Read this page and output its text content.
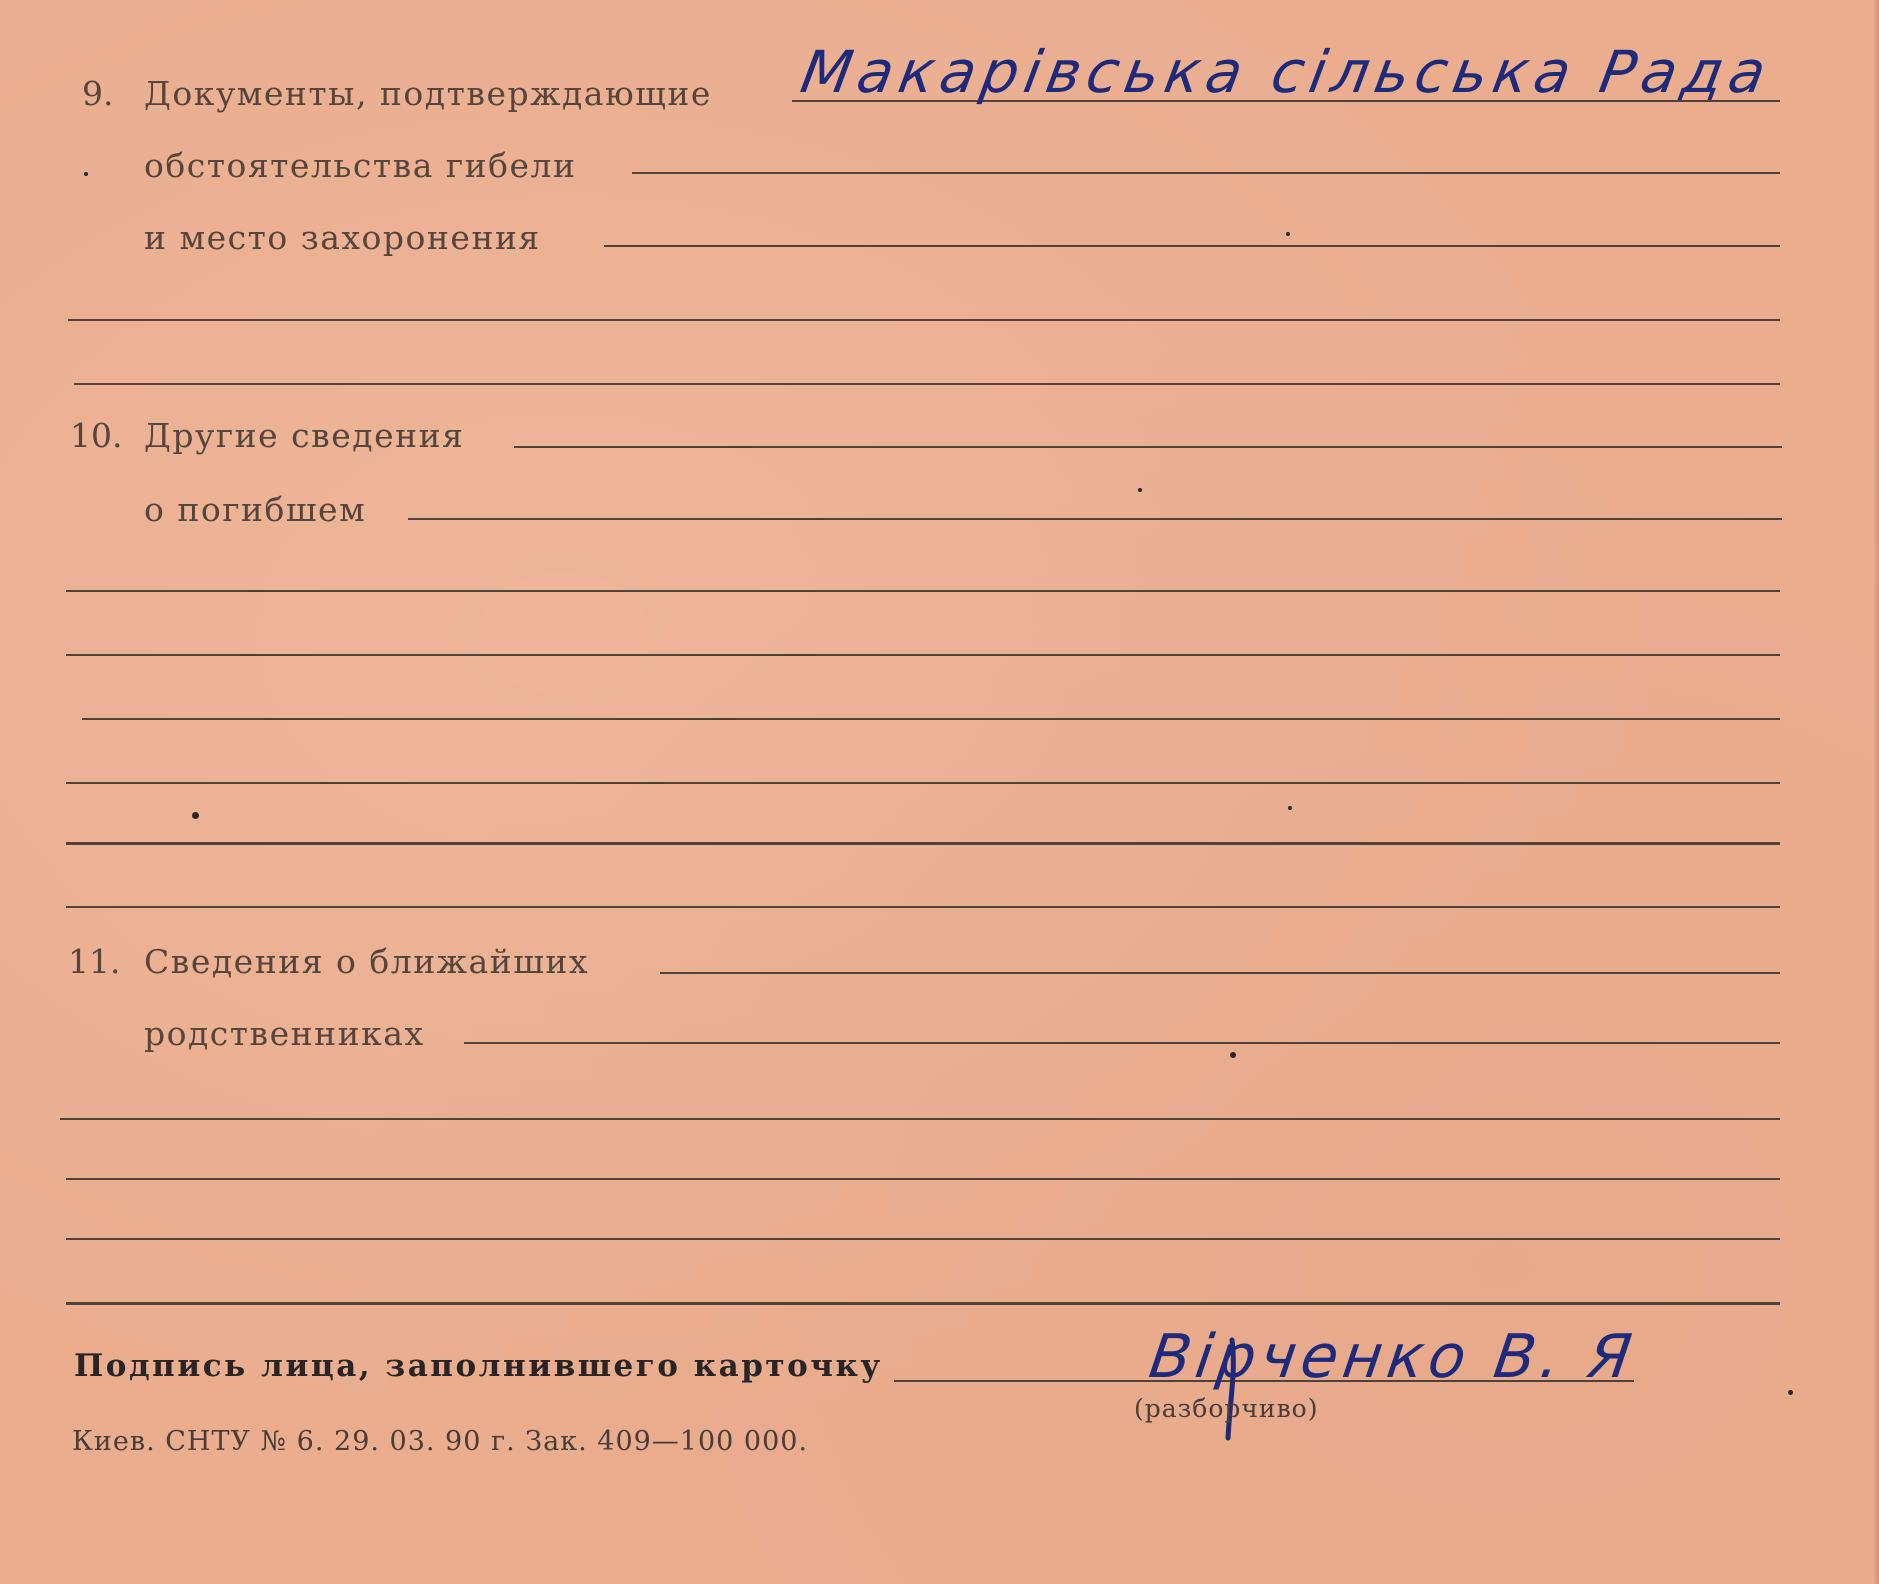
9. Документы, подтверждающие Макарівська сільська Рада
обстоятельства гибели
и место захоронения
10. Другие сведения
о погибшем
11. Сведения о ближайших
родственниках
Подпись лица, заполнившего карточку	Вірченко В. Я
(разборчиво)
Киев. СНТУ № 6. 29. 03. 90 г. Зак. 409—100 000.
